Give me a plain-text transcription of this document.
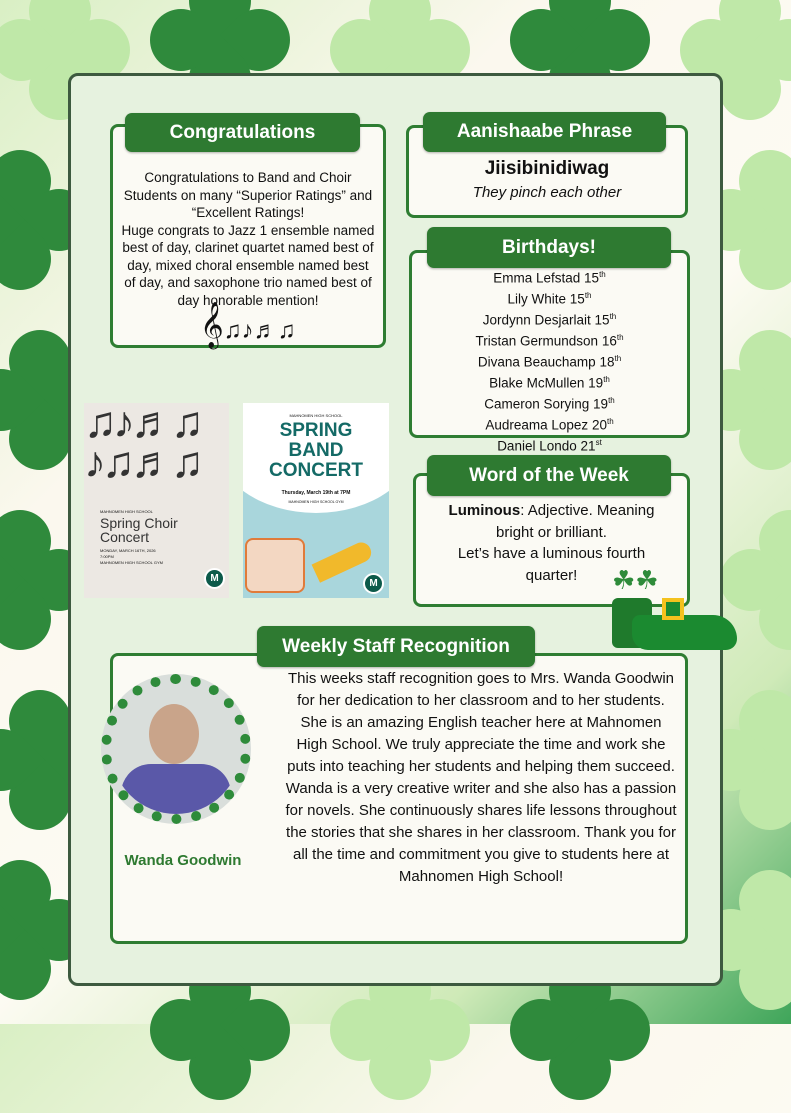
Congratulations to Band and Choir Students on many “Superior Ratings” and “Excellent Ratings!
Huge congrats to Jazz 1 ensemble named best of day, clarinet quartet named best of day, mixed choral ensemble named best of day, and saxophone trio named best of day honorable mention!
Congratulations
𝄞♫♪♬♫
Jiisibinidiwag
They pinch each other
Aanishaabe Phrase
Emma Lefstad 15th
Lily White 15th
Jordynn Desjarlait 15th
Tristan Germundson 16th
Divana Beauchamp 18th
Blake McMullen 19th
Cameron Sorying 19th
Audreama Lopez 20th
Daniel Londo 21st
Birthdays!
♫♪♬♫
♪♫♬♫
MAHNOMEN HIGH SCHOOL
Spring Choir Concert
MONDAY, MARCH 16TH, 2026
7:00PM
MAHNOMEN HIGH SCHOOL GYM
M
MAHNOMEN HIGH SCHOOL
SPRING BAND CONCERT
Thursday, March 19th at 7PM
MAHNOMEN HIGH SCHOOL GYM
M
Luminous: Adjective. Meaning bright or brilliant.
Let’s have a luminous fourth quarter!
Word of the Week
☘☘
This weeks staff recognition goes to Mrs. Wanda Goodwin for her dedication to her classroom and to her students. She is an amazing English teacher here at Mahnomen High School. We truly appreciate the time and work she puts into teaching her students and helping them succeed. Wanda is a very creative writer and she also has a passion for novels. She continuously shares life lessons throughout the stories that she shares in her classroom. Thank you for all the time and commitment you give to students here at Mahnomen High School!
Wanda Goodwin
Weekly Staff Recognition
